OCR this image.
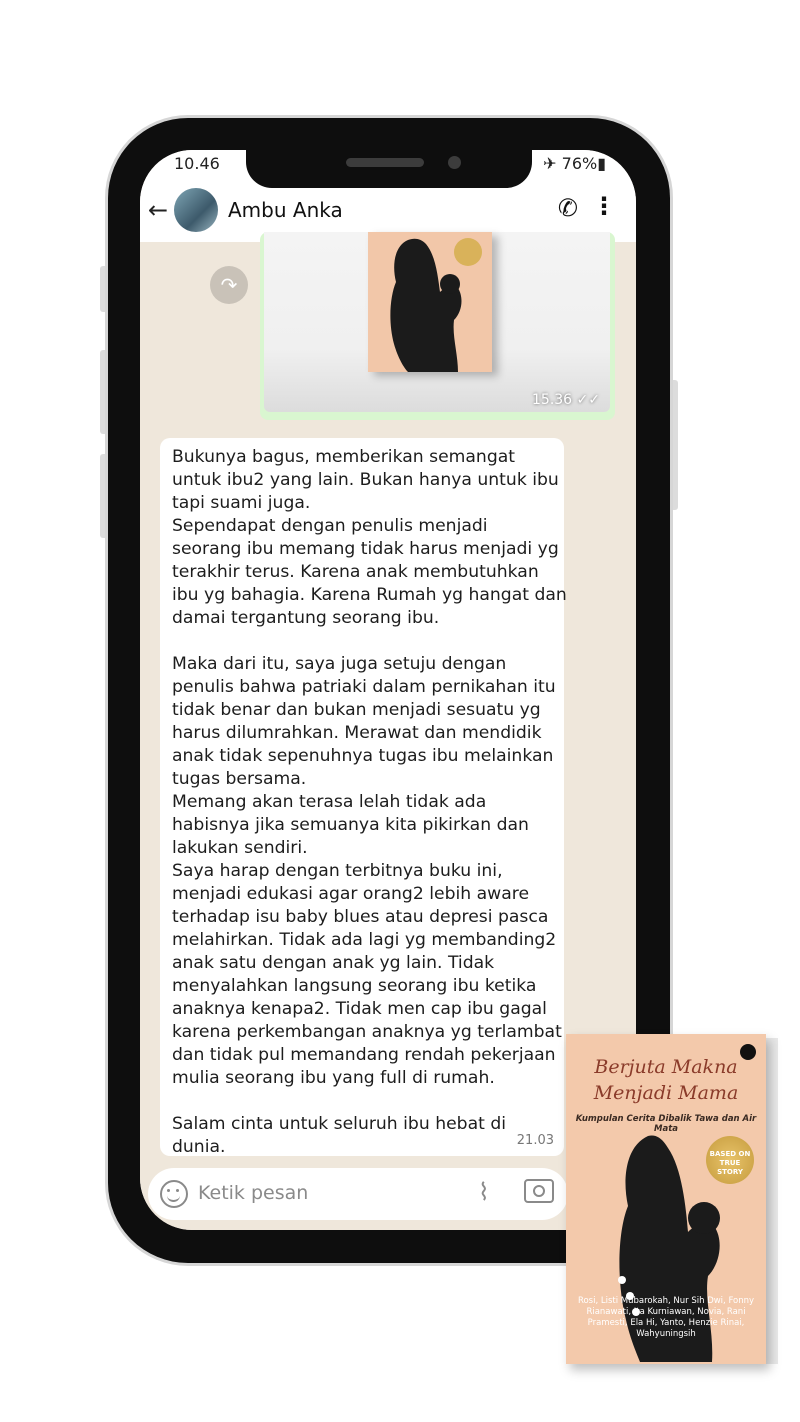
10.46	✈ 76%▮
←	Ambu Anka	✆ ⋮
↷
15.36 ✓✓
Bukunya bagus, memberikan semangat
untuk ibu2 yang lain. Bukan hanya untuk ibu
tapi suami juga.
Sependapat dengan penulis menjadi
seorang ibu memang tidak harus menjadi yg
terakhir terus. Karena anak membutuhkan
ibu yg bahagia. Karena Rumah yg hangat dan
damai tergantung seorang ibu.

Maka dari itu, saya juga setuju dengan
penulis bahwa patriaki dalam pernikahan itu
tidak benar dan bukan menjadi sesuatu yg
harus dilumrahkan. Merawat dan mendidik
anak tidak sepenuhnya tugas ibu melainkan
tugas bersama.
Memang akan terasa lelah tidak ada
habisnya jika semuanya kita pikirkan dan
lakukan sendiri.
Saya harap dengan terbitnya buku ini,
menjadi edukasi agar orang2 lebih aware
terhadap isu baby blues atau depresi pasca
melahirkan. Tidak ada lagi yg membanding2
anak satu dengan anak yg lain. Tidak
menyalahkan langsung seorang ibu ketika
anaknya kenapa2. Tidak men cap ibu gagal
karena perkembangan anaknya yg terlambat
dan tidak pul memandang rendah pekerjaan
mulia seorang ibu yang full di rumah.

Salam cinta untuk seluruh ibu hebat di
dunia.	21.03
Ketik pesan	⌇
Berjuta Makna Menjadi Mama
Kumpulan Cerita Dibalik Tawa dan Air Mata
BASED ON TRUE STORY
Rosi, Listi Mubarokah, Nur Sih Dwi, Fonny Rianawati, Ita Kurniawan, Novia, Rani Pramesti, Ela Hi, Yanto, Henzie Rinai, Wahyuningsih
